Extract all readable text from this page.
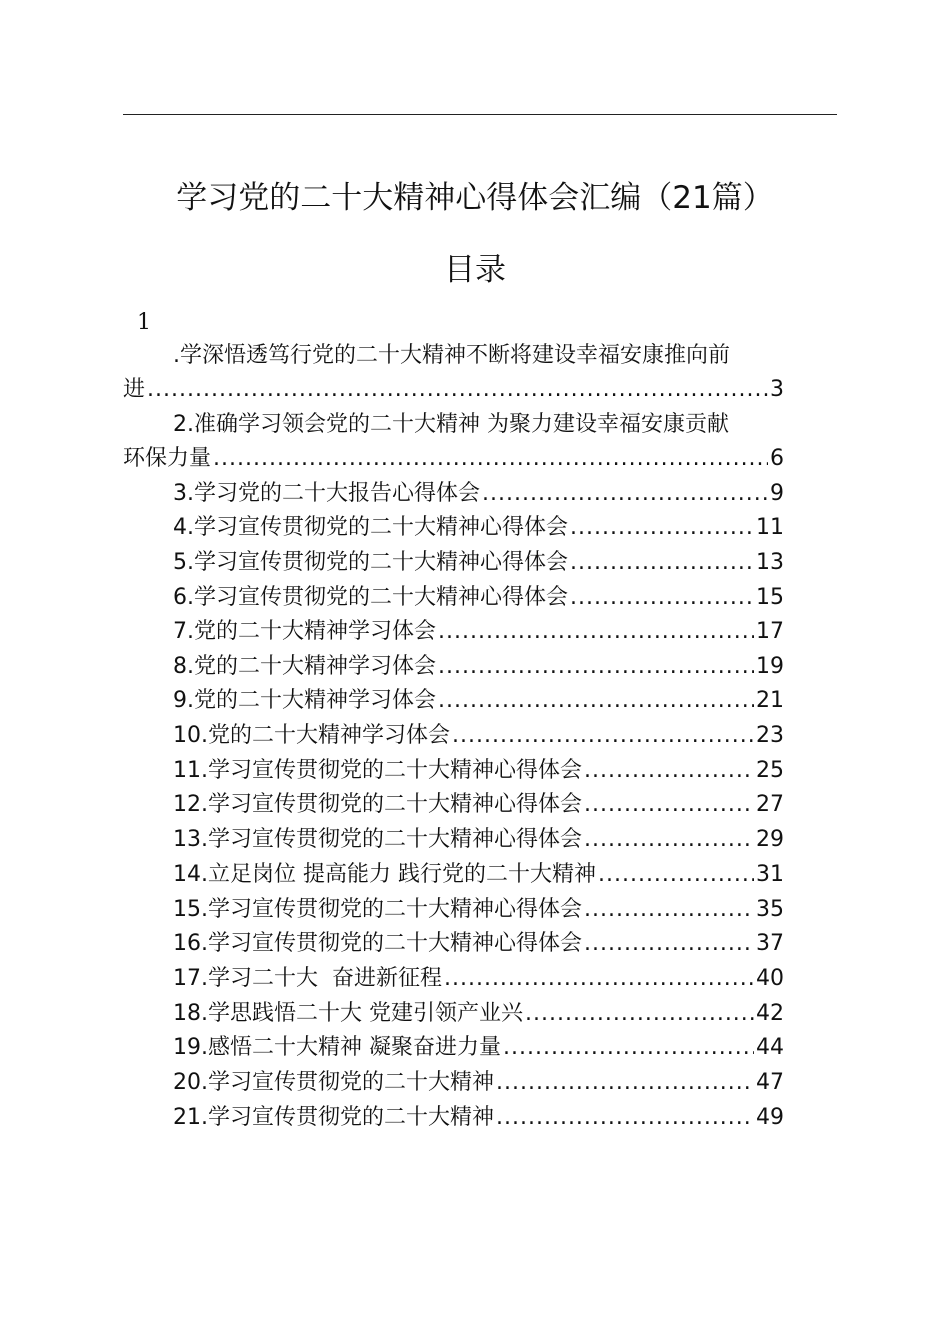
学习党的二十大精神心得体会汇编（21篇）
目录
1
.学深悟透笃行党的二十大精神不断将建设幸福安康推向前
进 .....	3
2.准确学习领会党的二十大精神 为聚力建设幸福安康贡献
环保力量 .....	6
3.学习党的二十大报告心得体会 .....	9
4.学习宣传贯彻党的二十大精神心得体会 .....	11
5.学习宣传贯彻党的二十大精神心得体会 .....	13
6.学习宣传贯彻党的二十大精神心得体会 .....	15
7.党的二十大精神学习体会 .....	17
8.党的二十大精神学习体会 .....	19
9.党的二十大精神学习体会 .....	21
10.党的二十大精神学习体会 .....	23
11.学习宣传贯彻党的二十大精神心得体会 .....	25
12.学习宣传贯彻党的二十大精神心得体会 .....	27
13.学习宣传贯彻党的二十大精神心得体会 .....	29
14.立足岗位 提高能力 践行党的二十大精神 .....	31
15.学习宣传贯彻党的二十大精神心得体会 .....	35
16.学习宣传贯彻党的二十大精神心得体会 .....	37
17.学习二十大  奋进新征程 .....	40
18.学思践悟二十大 党建引领产业兴 .....	42
19.感悟二十大精神 凝聚奋进力量 .....	44
20.学习宣传贯彻党的二十大精神 .....	47
21.学习宣传贯彻党的二十大精神 .....	49
